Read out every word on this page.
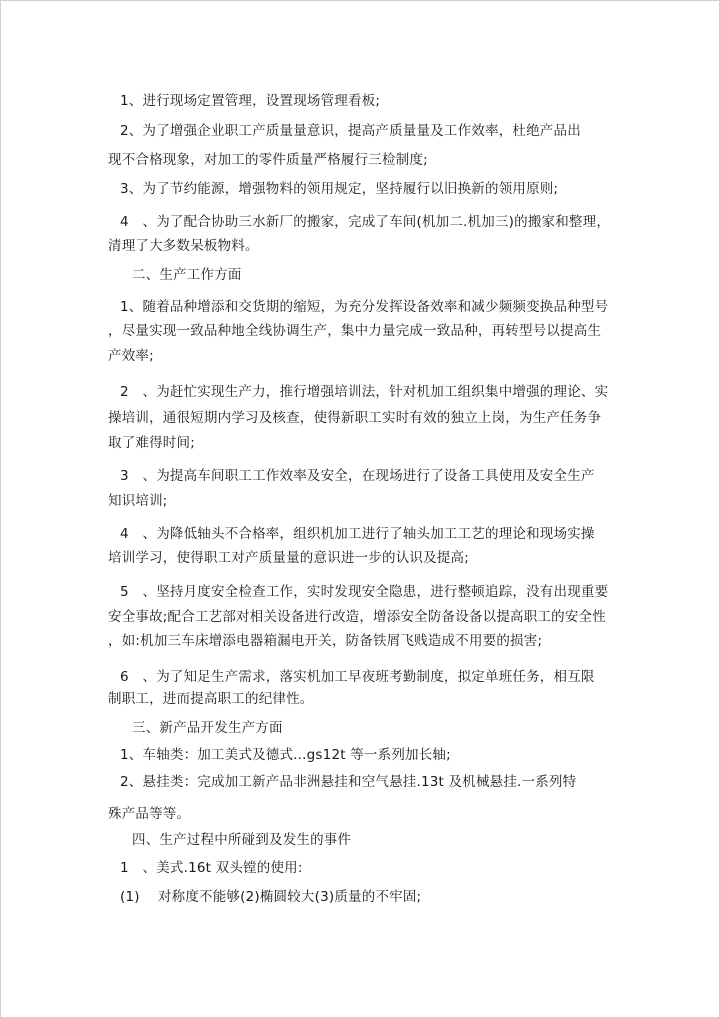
1、进行现场定置管理，设置现场管理看板;
2、为了增强企业职工产质量量意识，提高产质量量及工作效率，杜绝产品出
现不合格现象，对加工的零件质量严格履行三检制度;
3、为了节约能源，增强物料的领用规定，坚持履行以旧换新的领用原则;
4　、为了配合协助三水新厂的搬家，完成了车间(机加二.机加三)的搬家和整理，
清理了大多数呆板物料。
二、生产工作方面
1、随着品种增添和交货期的缩短，为充分发挥设备效率和减少频频变换品种型号
，尽量实现一致品种地全线协调生产，集中力量完成一致品种，再转型号以提高生
产效率;
2　、为赶忙实现生产力，推行增强培训法，针对机加工组织集中增强的理论、实
操培训，通很短期内学习及核查，使得新职工实时有效的独立上岗，为生产任务争
取了难得时间;
3　、为提高车间职工工作效率及安全，在现场进行了设备工具使用及安全生产
知识培训;
4　、为降低轴头不合格率，组织机加工进行了轴头加工工艺的理论和现场实操
培训学习，使得职工对产质量量的意识进一步的认识及提高;
5　、坚持月度安全检查工作，实时发现安全隐患，进行整顿追踪，没有出现重要
安全事故;配合工艺部对相关设备进行改造，增添安全防备设备以提高职工的安全性
，如:机加三车床增添电器箱漏电开关，防备铁屑飞贱造成不用要的损害;
6　、为了知足生产需求，落实机加工早夜班考勤制度，拟定单班任务，相互限
制职工，进而提高职工的纪律性。
三、新产品开发生产方面
1、车轴类：加工美式及德式...gs12t 等一系列加长轴;
2、悬挂类：完成加工新产品非洲悬挂和空气悬挂.13t 及机械悬挂.一系列特
殊产品等等。
四、生产过程中所碰到及发生的事件
1　、美式.16t 双头镗的使用:
(1)　 对称度不能够(2)椭圆较大(3)质量的不牢固;
